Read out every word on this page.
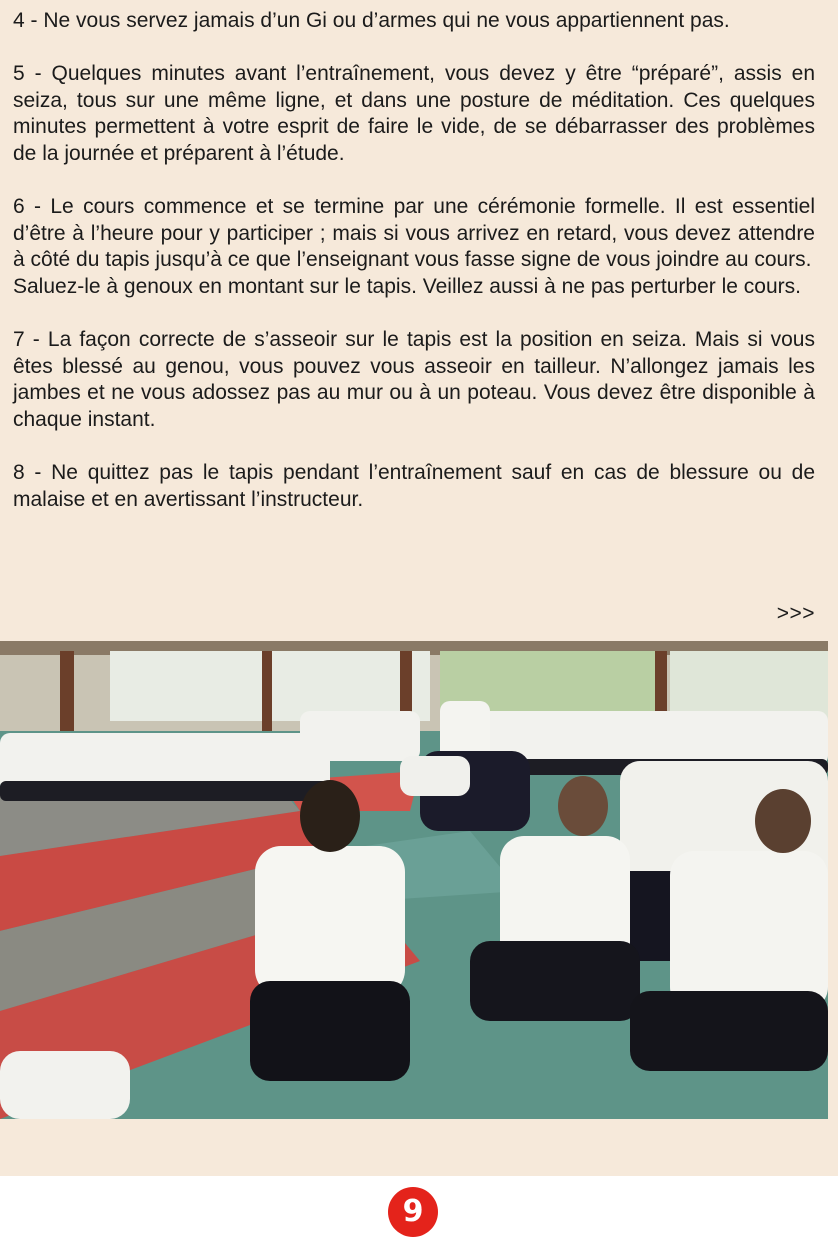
4 - Ne vous servez jamais d’un Gi ou d’armes qui ne vous appartiennent pas.

5 - Quelques minutes avant l’entraînement, vous devez y être “préparé”, assis en seiza, tous sur une même ligne, et dans une posture de méditation. Ces quelques minutes permettent à votre esprit de faire le vide, de se débarrasser des problèmes de la journée et préparent à l’étude.

6 - Le cours commence et se termine par une cérémonie formelle. Il est essentiel d’être à l’heure pour y participer ; mais si vous arrivez en retard, vous devez attendre à côté du tapis jusqu’à ce que l’enseignant vous fasse signe de vous joindre au cours.
Saluez-le à genoux en montant sur le tapis. Veillez aussi à ne pas perturber le cours.

7 - La façon correcte de s’asseoir sur le tapis est la position en seiza. Mais si vous êtes blessé au genou, vous pouvez vous asseoir en tailleur. N’allongez jamais les jambes et ne vous adossez pas au mur ou à un poteau. Vous devez être disponible à chaque instant.

8 - Ne quittez pas le tapis pendant l’entraînement sauf en cas de blessure ou de malaise et en avertissant l’instructeur.

>>>
9
